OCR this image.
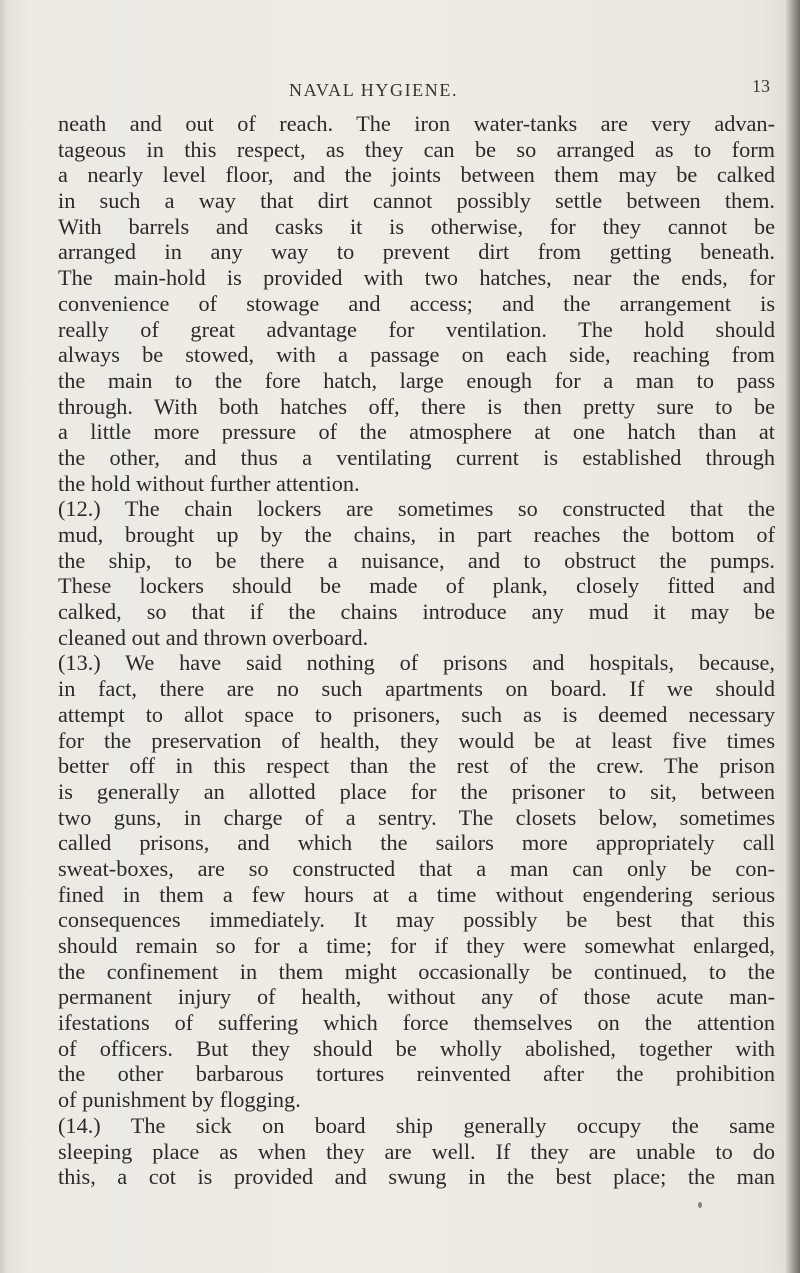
NAVAL HYGIENE.	13
neath and out of reach. The iron water-tanks are very advan-
tageous in this respect, as they can be so arranged as to form
a nearly level floor, and the joints between them may be calked
in such a way that dirt cannot possibly settle between them.
With barrels and casks it is otherwise, for they cannot be
arranged in any way to prevent dirt from getting beneath.
The main-hold is provided with two hatches, near the ends, for
convenience of stowage and access; and the arrangement is
really of great advantage for ventilation. The hold should
always be stowed, with a passage on each side, reaching from
the main to the fore hatch, large enough for a man to pass
through. With both hatches off, there is then pretty sure to be
a little more pressure of the atmosphere at one hatch than at
the other, and thus a ventilating current is established through
the hold without further attention.
(12.) The chain lockers are sometimes so constructed that the
mud, brought up by the chains, in part reaches the bottom of
the ship, to be there a nuisance, and to obstruct the pumps.
These lockers should be made of plank, closely fitted and
calked, so that if the chains introduce any mud it may be
cleaned out and thrown overboard.
(13.) We have said nothing of prisons and hospitals, because,
in fact, there are no such apartments on board. If we should
attempt to allot space to prisoners, such as is deemed necessary
for the preservation of health, they would be at least five times
better off in this respect than the rest of the crew. The prison
is generally an allotted place for the prisoner to sit, between
two guns, in charge of a sentry. The closets below, sometimes
called prisons, and which the sailors more appropriately call
sweat-boxes, are so constructed that a man can only be con-
fined in them a few hours at a time without engendering serious
consequences immediately. It may possibly be best that this
should remain so for a time; for if they were somewhat enlarged,
the confinement in them might occasionally be continued, to the
permanent injury of health, without any of those acute man-
ifestations of suffering which force themselves on the attention
of officers. But they should be wholly abolished, together with
the other barbarous tortures reinvented after the prohibition
of punishment by flogging.
(14.) The sick on board ship generally occupy the same
sleeping place as when they are well. If they are unable to do
this, a cot is provided and swung in the best place; the man
